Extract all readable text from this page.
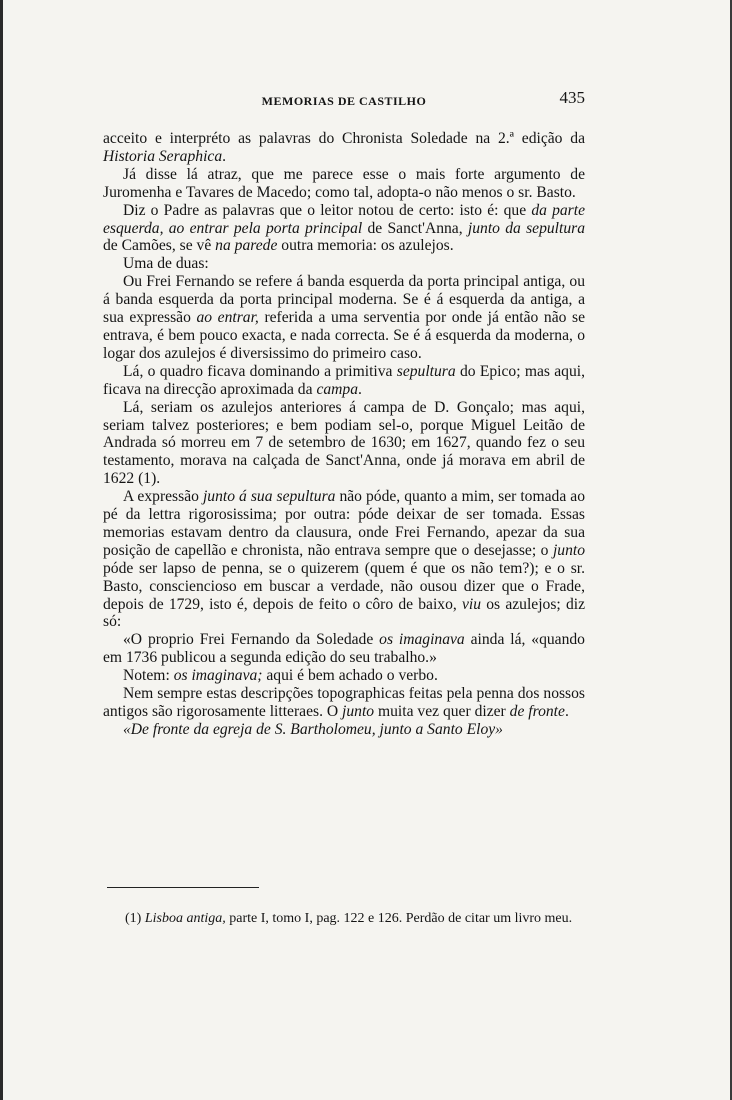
MEMORIAS DE CASTILHO	435

acceito e interpréto as palavras do Chronista Soledade na 2.ª edição da Historia Seraphica.

Já disse lá atraz, que me parece esse o mais forte argumento de Juromenha e Tavares de Macedo; como tal, adopta-o não menos o sr. Basto.

Diz o Padre as palavras que o leitor notou de certo: isto é: que da parte esquerda, ao entrar pela porta principal de Sanct'Anna, junto da sepultura de Camões, se vê na parede outra memoria: os azulejos.

Uma de duas:

Ou Frei Fernando se refere á banda esquerda da porta principal antiga, ou á banda esquerda da porta principal moderna. Se é á esquerda da antiga, a sua expressão ao entrar, referida a uma serventia por onde já então não se entrava, é bem pouco exacta, e nada correcta. Se é á esquerda da moderna, o logar dos azulejos é diversissimo do primeiro caso.

Lá, o quadro ficava dominando a primitiva sepultura do Epico; mas aqui, ficava na direcção aproximada da campa.

Lá, seriam os azulejos anteriores á campa de D. Gonçalo; mas aqui, seriam talvez posteriores; e bem podiam sel-o, porque Miguel Leitão de Andrada só morreu em 7 de setembro de 1630; em 1627, quando fez o seu testamento, morava na calçada de Sanct'Anna, onde já morava em abril de 1622 (1).

A expressão junto á sua sepultura não póde, quanto a mim, ser tomada ao pé da lettra rigorosissima; por outra: póde deixar de ser tomada. Essas memorias estavam dentro da clausura, onde Frei Fernando, apezar da sua posição de capellão e chronista, não entrava sempre que o desejasse; o junto póde ser lapso de penna, se o quizerem (quem é que os não tem?); e o sr. Basto, consciencioso em buscar a verdade, não ousou dizer que o Frade, depois de 1729, isto é, depois de feito o côro de baixo, viu os azulejos; diz só:

«O proprio Frei Fernando da Soledade os imaginava ainda lá, «quando em 1736 publicou a segunda edição do seu trabalho.»

Notem: os imaginava; aqui é bem achado o verbo.

Nem sempre estas descripções topographicas feitas pela penna dos nossos antigos são rigorosamente litteraes. O junto muita vez quer dizer de fronte.

«De fronte da egreja de S. Bartholomeu, junto a Santo Eloy»

(1) Lisboa antiga, parte I, tomo I, pag. 122 e 126. Perdão de citar um livro meu.
